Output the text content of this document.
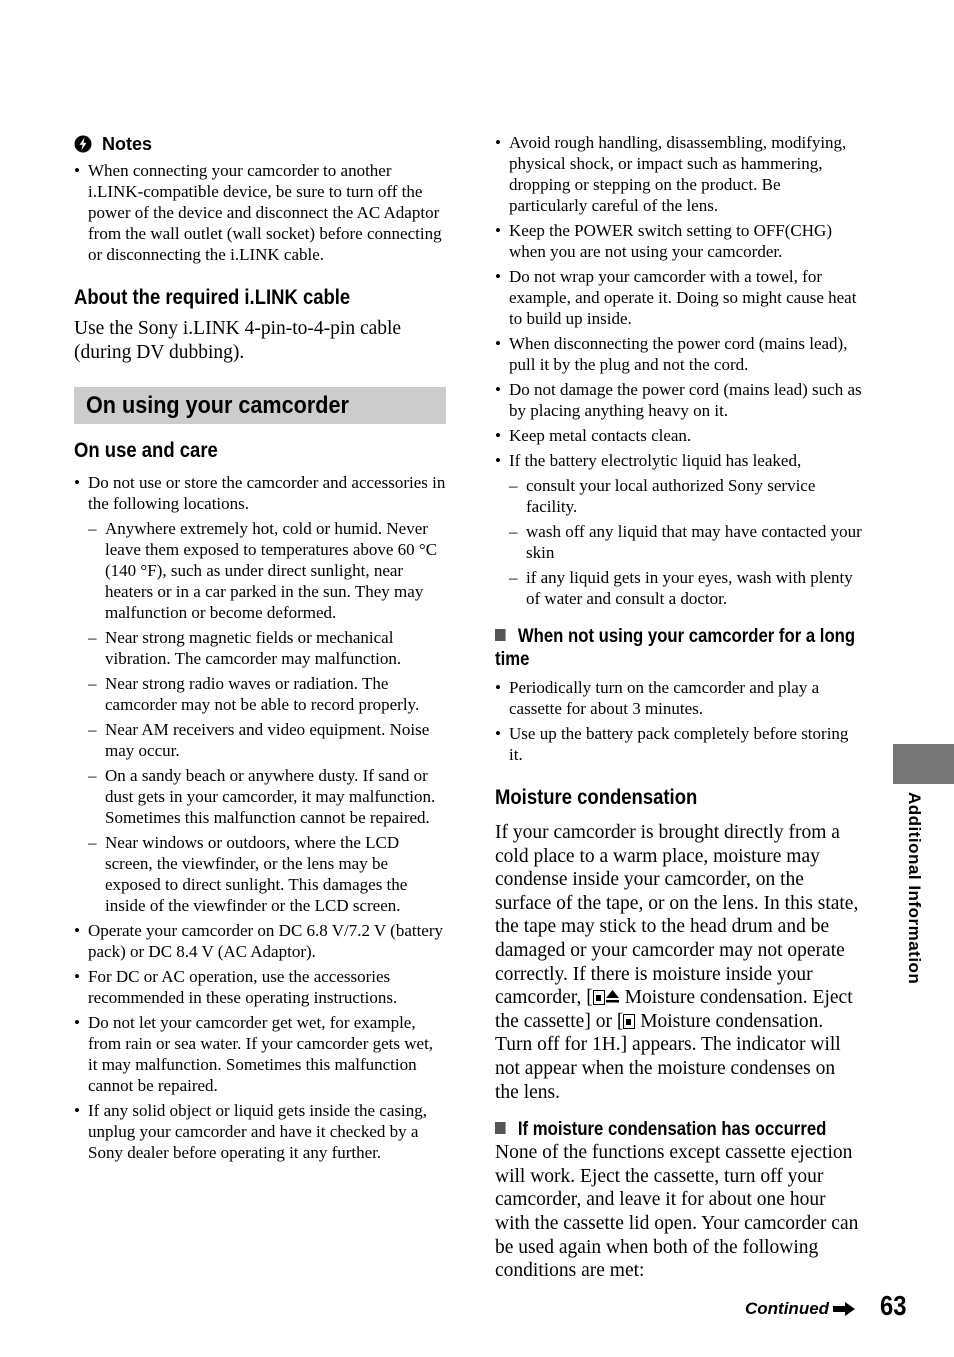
Notes
• When connecting your camcorder to another i.LINK-compatible device, be sure to turn off the power of the device and disconnect the AC Adaptor from the wall outlet (wall socket) before connecting or disconnecting the i.LINK cable.
About the required i.LINK cable

Use the Sony i.LINK 4-pin-to-4-pin cable (during DV dubbing).

On using your camcorder
On use and care
• Do not use or store the camcorder and accessories in the following locations.
– Anywhere extremely hot, cold or humid. Never leave them exposed to temperatures above 60 °C (140 °F), such as under direct sunlight, near heaters or in a car parked in the sun. They may malfunction or become deformed.
– Near strong magnetic fields or mechanical vibration. The camcorder may malfunction.
– Near strong radio waves or radiation. The camcorder may not be able to record properly.
– Near AM receivers and video equipment. Noise may occur.
– On a sandy beach or anywhere dusty. If sand or dust gets in your camcorder, it may malfunction. Sometimes this malfunction cannot be repaired.
– Near windows or outdoors, where the LCD screen, the viewfinder, or the lens may be exposed to direct sunlight. This damages the inside of the viewfinder or the LCD screen.
• Operate your camcorder on DC 6.8 V/7.2 V (battery pack) or DC 8.4 V (AC Adaptor).
• For DC or AC operation, use the accessories recommended in these operating instructions.
• Do not let your camcorder get wet, for example, from rain or sea water. If your camcorder gets wet, it may malfunction. Sometimes this malfunction cannot be repaired.
• If any solid object or liquid gets inside the casing, unplug your camcorder and have it checked by a Sony dealer before operating it any further.
• Avoid rough handling, disassembling, modifying, physical shock, or impact such as hammering, dropping or stepping on the product. Be particularly careful of the lens.
• Keep the POWER switch setting to OFF(CHG) when you are not using your camcorder.
• Do not wrap your camcorder with a towel, for example, and operate it. Doing so might cause heat to build up inside.
• When disconnecting the power cord (mains lead), pull it by the plug and not the cord.
• Do not damage the power cord (mains lead) such as by placing anything heavy on it.
• Keep metal contacts clean.
• If the battery electrolytic liquid has leaked,
– consult your local authorized Sony service facility.
– wash off any liquid that may have contacted your skin
– if any liquid gets in your eyes, wash with plenty of water and consult a doctor.
When not using your camcorder for a long time
• Periodically turn on the camcorder and play a cassette for about 3 minutes.
• Use up the battery pack completely before storing it.
Moisture condensation

If your camcorder is brought directly from a cold place to a warm place, moisture may condense inside your camcorder, on the surface of the tape, or on the lens. In this state, the tape may stick to the head drum and be damaged or your camcorder may not operate correctly. If there is moisture inside your camcorder, [ Moisture condensation. Eject the cassette] or [ Moisture condensation. Turn off for 1H.] appears. The indicator will not appear when the moisture condenses on the lens.

If moisture condensation has occurred

None of the functions except cassette ejection will work. Eject the cassette, turn off your camcorder, and leave it for about one hour with the cassette lid open. Your camcorder can be used again when both of the following conditions are met:

Additional Information
Continued 63
